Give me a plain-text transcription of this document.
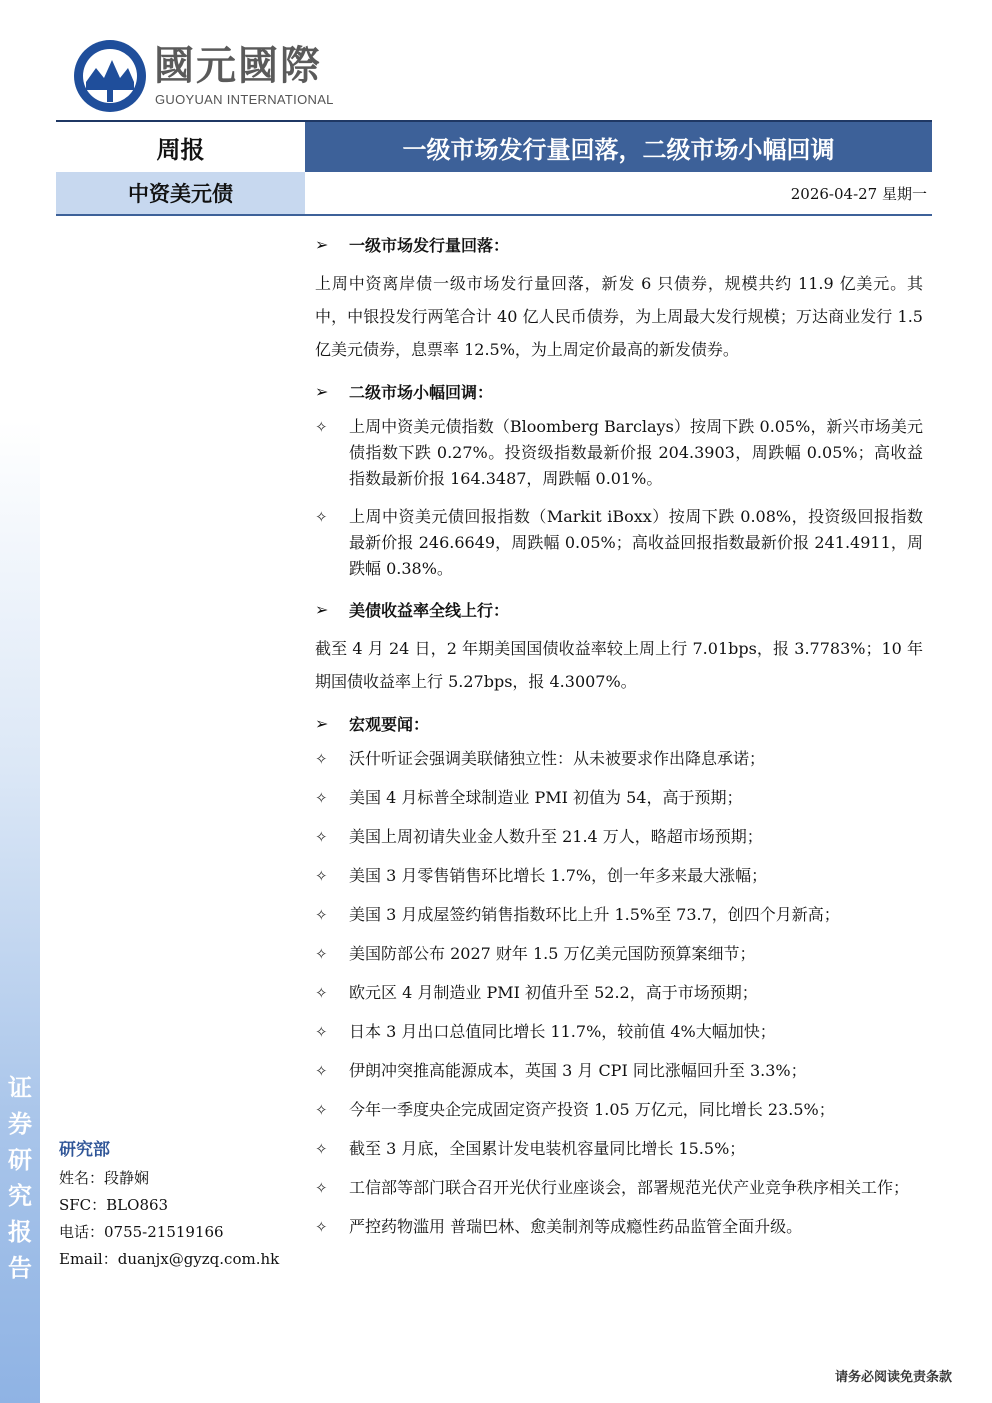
证
券
研
究
报
告
國元國際
GUOYUAN INTERNATIONAL
周报	一级市场发行量回落，二级市场小幅回调
中资美元债	2026-04-27 星期一
➢	一级市场发行量回落：
上周中资离岸债一级市场发行量回落，新发 6 只债券，规模共约 11.9 亿美元。其中，中银投发行两笔合计 40 亿人民币债券，为上周最大发行规模；万达商业发行 1.5 亿美元债券，息票率 12.5%，为上周定价最高的新发债券。
➢	二级市场小幅回调：
✧	上周中资美元债指数（Bloomberg Barclays）按周下跌 0.05%，新兴市场美元债指数下跌 0.27%。投资级指数最新价报 204.3903，周跌幅 0.05%；高收益指数最新价报 164.3487，周跌幅 0.01%。
✧	上周中资美元债回报指数（Markit iBoxx）按周下跌 0.08%，投资级回报指数最新价报 246.6649，周跌幅 0.05%；高收益回报指数最新价报 241.4911，周跌幅 0.38%。
➢	美债收益率全线上行：
截至 4 月 24 日，2 年期美国国债收益率较上周上行 7.01bps，报 3.7783%；10 年期国债收益率上行 5.27bps，报 4.3007%。
➢	宏观要闻：
✧	沃什听证会强调美联储独立性：从未被要求作出降息承诺；
✧	美国 4 月标普全球制造业 PMI 初值为 54，高于预期；
✧	美国上周初请失业金人数升至 21.4 万人，略超市场预期；
✧	美国 3 月零售销售环比增长 1.7%，创一年多来最大涨幅；
✧	美国 3 月成屋签约销售指数环比上升 1.5%至 73.7，创四个月新高；
✧	美国防部公布 2027 财年 1.5 万亿美元国防预算案细节；
✧	欧元区 4 月制造业 PMI 初值升至 52.2，高于市场预期；
✧	日本 3 月出口总值同比增长 11.7%，较前值 4%大幅加快；
✧	伊朗冲突推高能源成本，英国 3 月 CPI 同比涨幅回升至 3.3%；
✧	今年一季度央企完成固定资产投资 1.05 万亿元，同比增长 23.5%；
✧	截至 3 月底，全国累计发电装机容量同比增长 15.5%；
✧	工信部等部门联合召开光伏行业座谈会，部署规范光伏产业竞争秩序相关工作；
✧	严控药物滥用 普瑞巴林、愈美制剂等成瘾性药品监管全面升级。
研究部
姓名：段静娴
SFC：BLO863
电话：0755-21519166
Email：duanjx@gyzq.com.hk
请务必阅读免责条款
